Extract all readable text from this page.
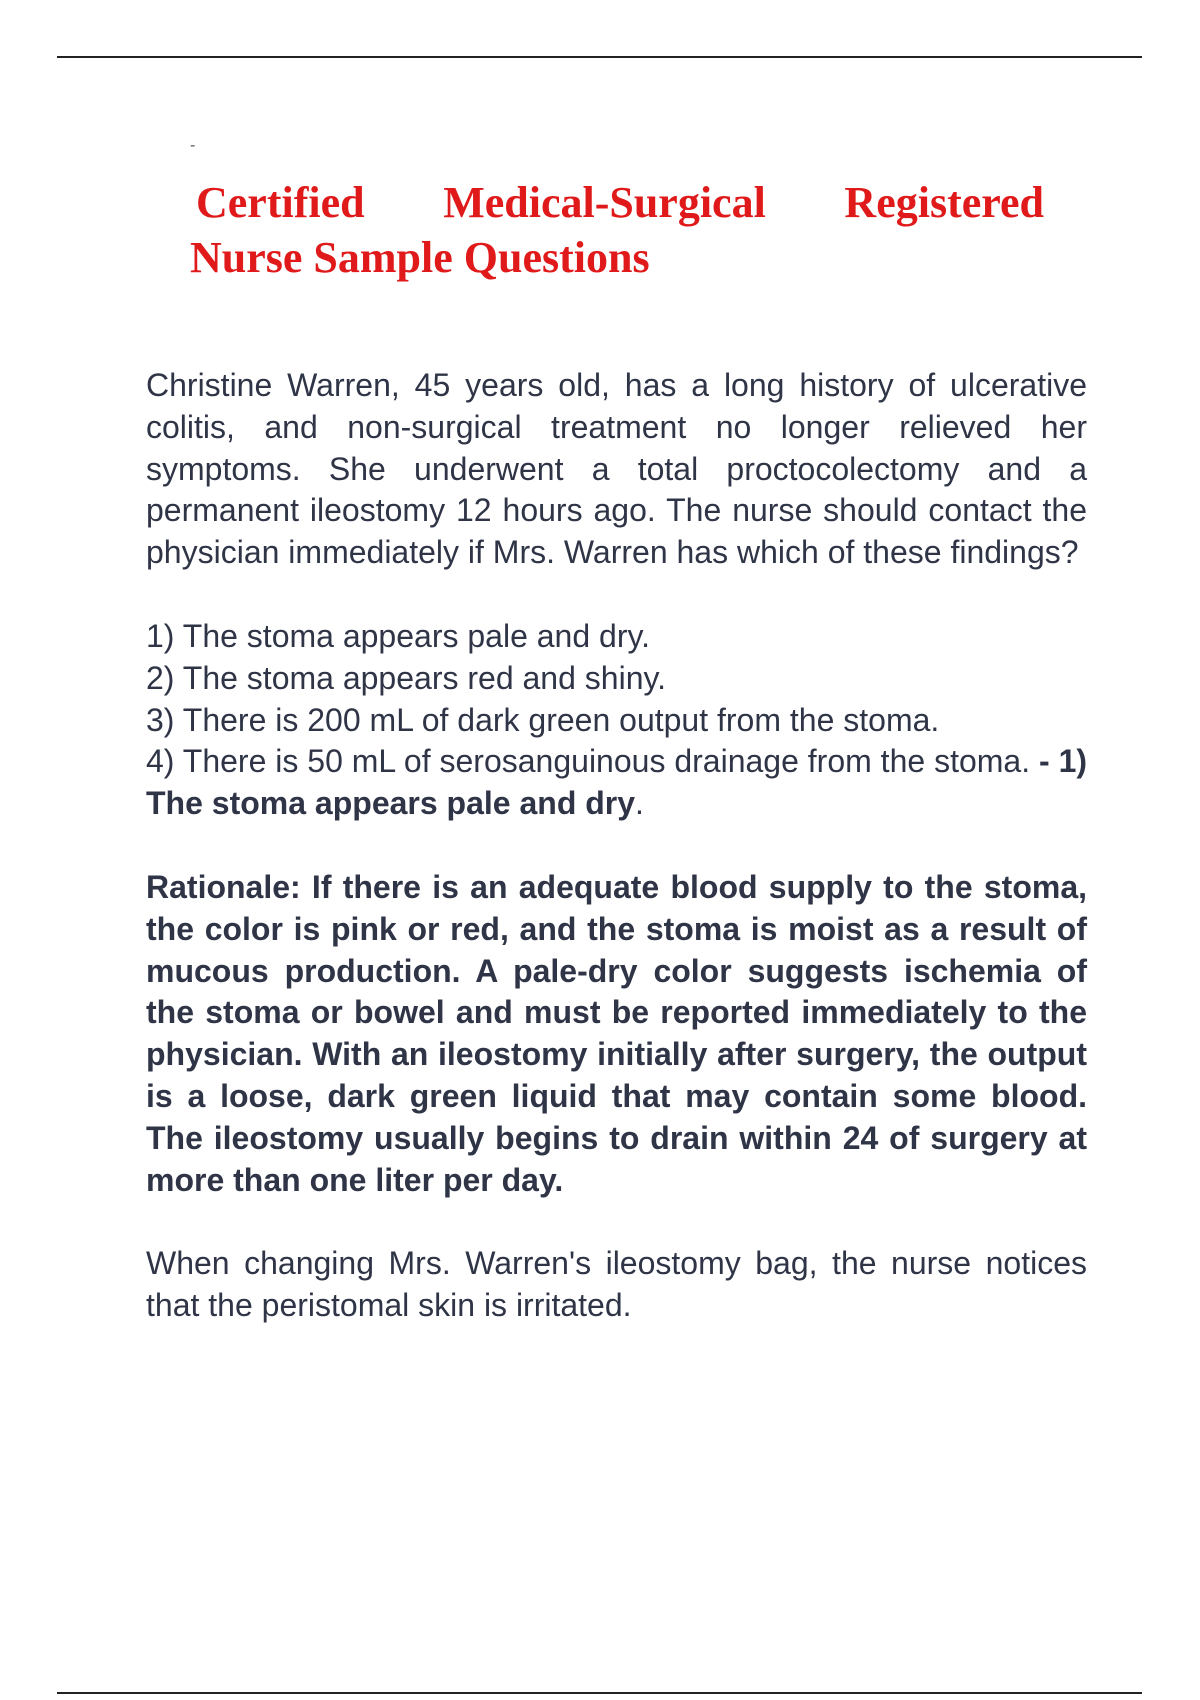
-
Certified Medical-Surgical Registered
Nurse Sample Questions

Christine Warren, 45 years old, has a long history of ulcerative colitis, and non-surgical treatment no longer relieved her symptoms. She underwent a total proctocolectomy and a permanent ileostomy 12 hours ago. The nurse should contact the physician immediately if Mrs. Warren has which of these findings?

1) The stoma appears pale and dry.
2) The stoma appears red and shiny.
3) There is 200 mL of dark green output from the stoma.
4) There is 50 mL of serosanguinous drainage from the stoma. - 1) The stoma appears pale and dry.

Rationale: If there is an adequate blood supply to the stoma, the color is pink or red, and the stoma is moist as a result of mucous production. A pale-dry color suggests ischemia of the stoma or bowel and must be reported immediately to the physician. With an ileostomy initially after surgery, the output is a loose, dark green liquid that may contain some blood. The ileostomy usually begins to drain within 24 of surgery at more than one liter per day.

When changing Mrs. Warren's ileostomy bag, the nurse notices that the peristomal skin is irritated.
